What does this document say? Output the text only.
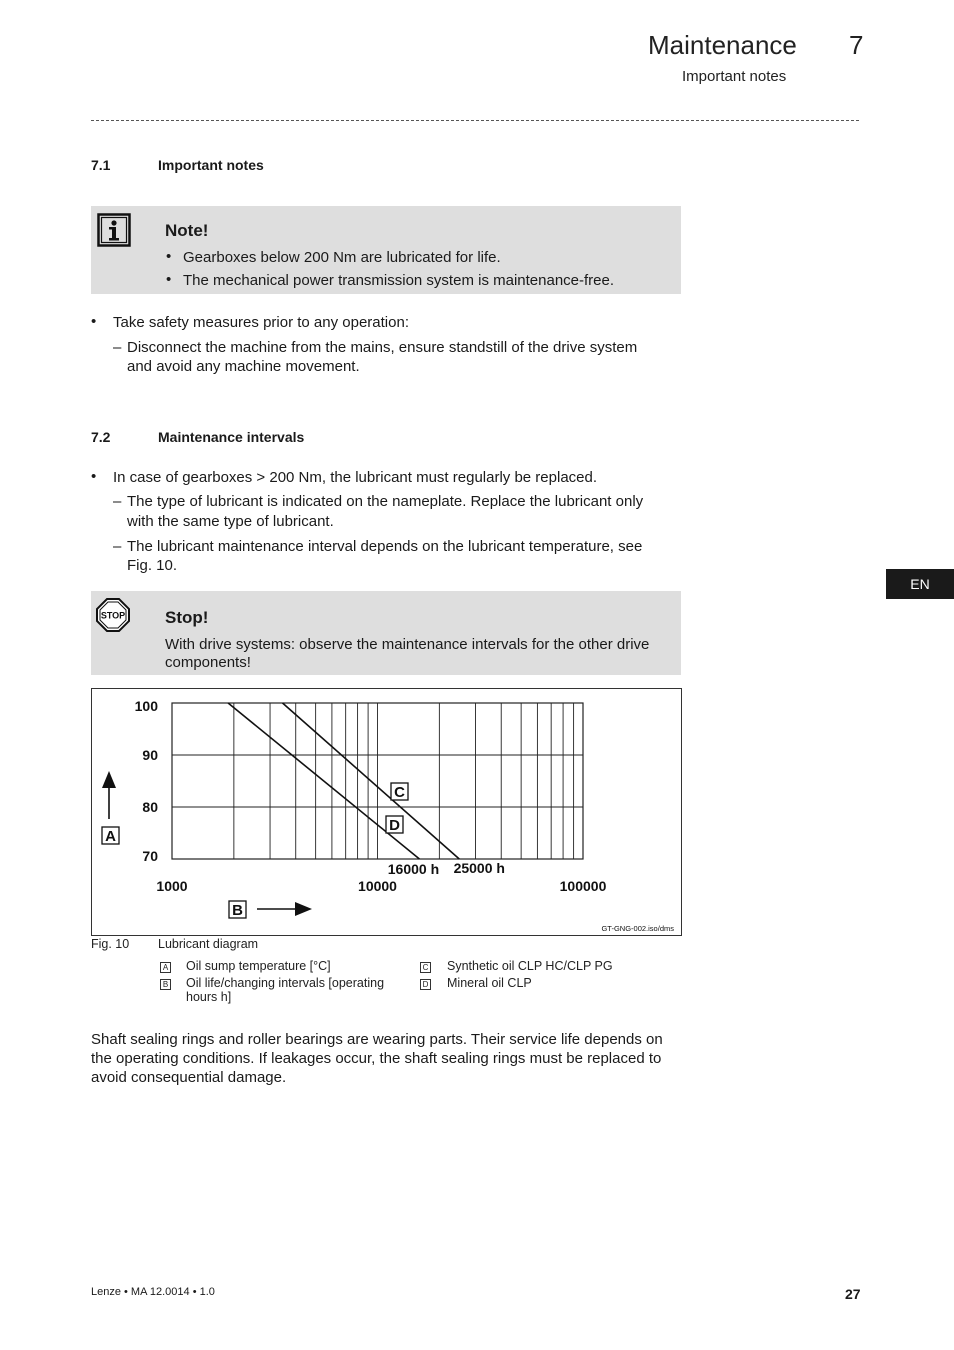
Maintenance 7
Important notes
7.1	Important notes
Note!
• Gearboxes below 200 Nm are lubricated for life.
• The mechanical power transmission system is maintenance-free.
• Take safety measures prior to any operation:
– Disconnect the machine from the mains, ensure standstill of the drive system
and avoid any machine movement.
7.2	Maintenance intervals
• In case of gearboxes > 200 Nm, the lubricant must regularly be replaced.
– The type of lubricant is indicated on the nameplate. Replace the lubricant only
with the same type of lubricant.
– The lubricant maintenance interval depends on the lubricant temperature, see
Fig. 10.
STOP Stop!
With drive systems: observe the maintenance intervals for the other drive
components!
100
90
80
70
1000	10000	100000
16000 h 25000 h
C
D
A
B
GT-GNG-002.iso/dms
Fig. 10 Lubricant diagram
A Oil sump temperature [°C]
B Oil life/changing intervals [operating
hours h]
C Synthetic oil CLP HC/CLP PG
D Mineral oil CLP
Shaft sealing rings and roller bearings are wearing parts. Their service life depends on
the operating conditions. If leakages occur, the shaft sealing rings must be replaced to
avoid consequential damage.
EN
Lenze • MA 12.0014 • 1.0	27
